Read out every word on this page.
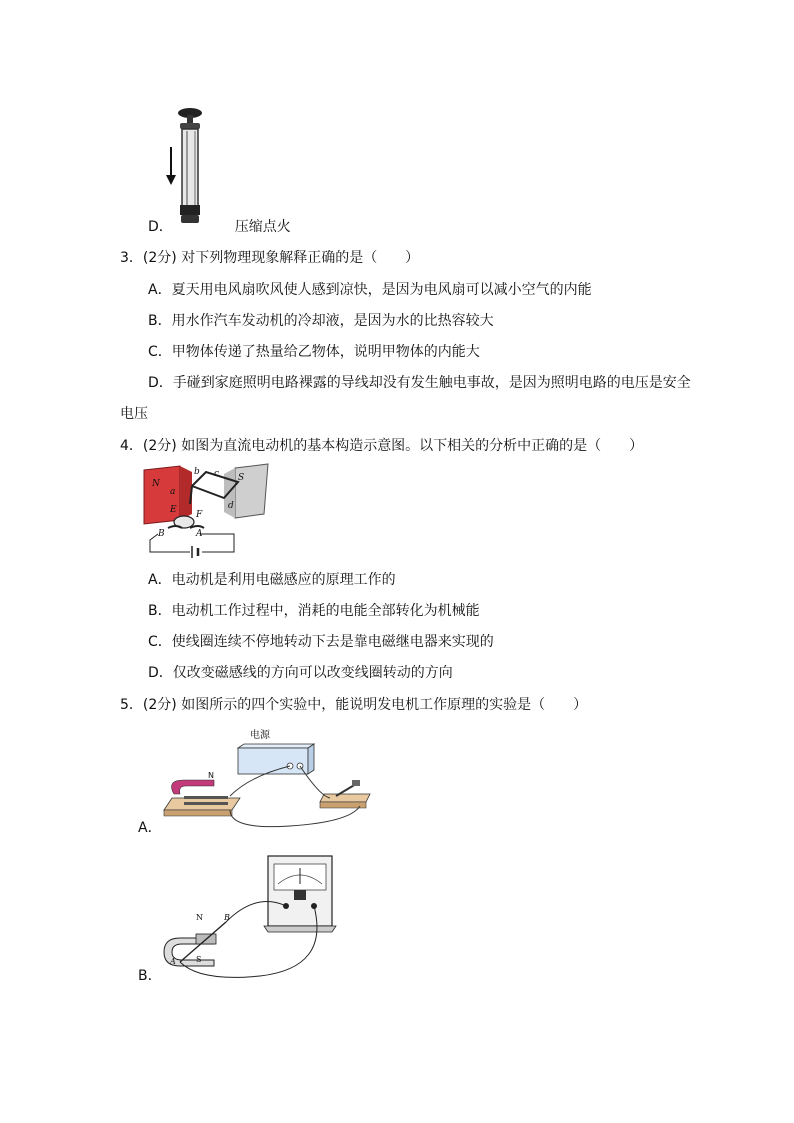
D．	压缩点火
3．(2分) 对下列物理现象解释正确的是（　　）
A．夏天用电风扇吹风使人感到凉快，是因为电风扇可以减小空气的内能
B．用水作汽车发动机的冷却液，是因为水的比热容较大
C．甲物体传递了热量给乙物体，说明甲物体的内能大
D．手碰到家庭照明电路裸露的导线却没有发生触电事故，是因为照明电路的电压是安全
电压
4．(2分) 如图为直流电动机的基本构造示意图。以下相关的分析中正确的是（　　）
N
a
b c S
d
E F
B	A
A．电动机是利用电磁感应的原理工作的
B．电动机工作过程中，消耗的电能全部转化为机械能
C．使线圈连续不停地转动下去是靠电磁继电器来实现的
D．仅改变磁感线的方向可以改变线圈转动的方向
5．(2分) 如图所示的四个实验中，能说明发电机工作原理的实验是（　　）
电源
N
A．
N	B
A	S
B．
